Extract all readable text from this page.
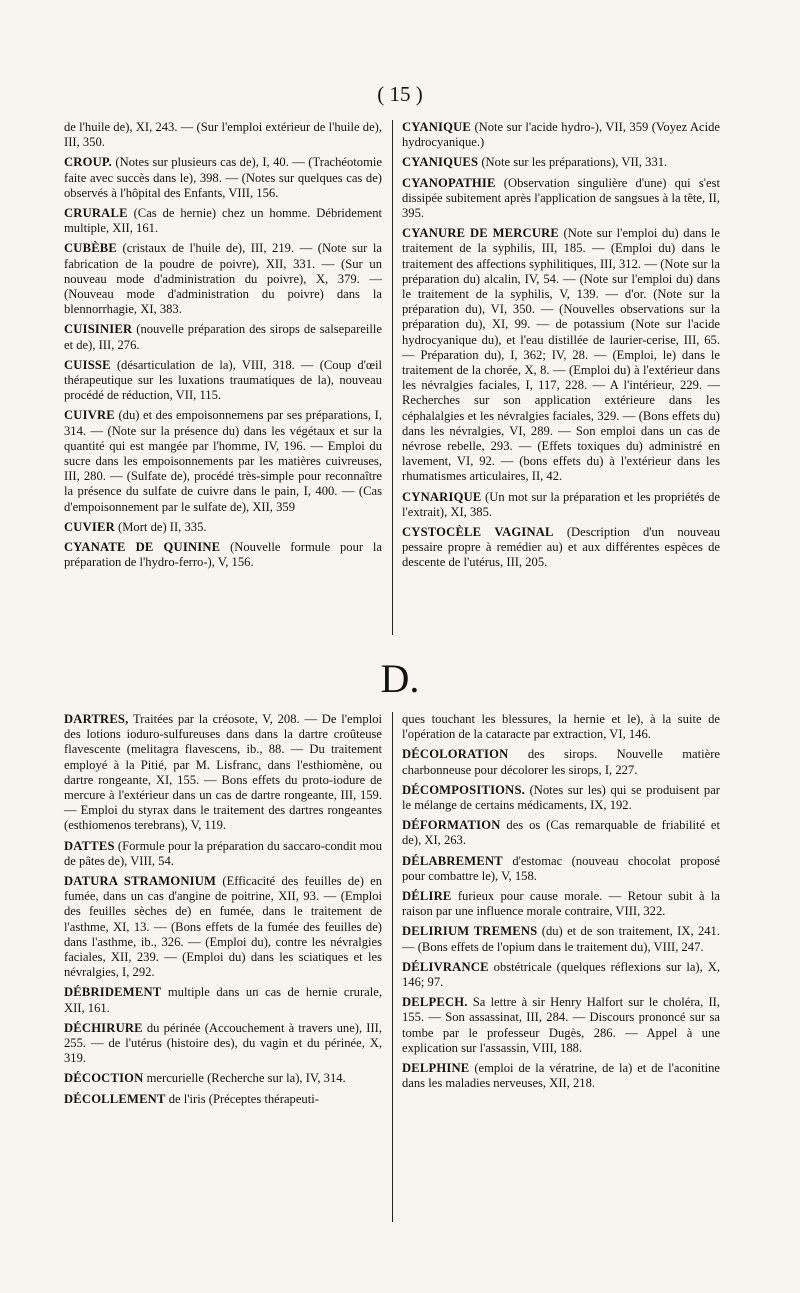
( 15 )

de l'huile de), XI, 243. — (Sur l'emploi extérieur de l'huile de), III, 350.

CROUP. (Notes sur plusieurs cas de), I, 40. — (Trachéotomie faite avec succès dans le), 398. — (Notes sur quelques cas de) observés à l'hôpital des Enfants, VIII, 156.

CRURALE (Cas de hernie) chez un homme. Débridement multiple, XII, 161.

CUBÈBE (cristaux de l'huile de), III, 219. — (Note sur la fabrication de la poudre de poivre), XII, 331. — (Sur un nouveau mode d'administration du poivre), X, 379. — (Nouveau mode d'administration du poivre) dans la blennorrhagie, XI, 383.

CUISINIER (nouvelle préparation des sirops de salsepareille et de), III, 276.

CUISSE (désarticulation de la), VIII, 318. — (Coup d'œil thérapeutique sur les luxations traumatiques de la), nouveau procédé de réduction, VII, 115.

CUIVRE (du) et des empoisonnemens par ses préparations, I, 314. — (Note sur la présence du) dans les végétaux et sur la quantité qui est mangée par l'homme, IV, 196. — Emploi du sucre dans les empoisonnements par les matières cuivreuses, III, 280. — (Sulfate de), procédé très-simple pour reconnaître la présence du sulfate de cuivre dans le pain, I, 400. — (Cas d'empoisonnement par le sulfate de), XII, 359

CUVIER (Mort de) II, 335.

CYANATE DE QUININE (Nouvelle formule pour la préparation de l'hydro-ferro-), V, 156.

CYANIQUE (Note sur l'acide hydro-), VII, 359 (Voyez Acide hydrocyanique.)

CYANIQUES (Note sur les préparations), VII, 331.

CYANOPATHIE (Observation singulière d'une) qui s'est dissipée subitement après l'application de sangsues à la tête, II, 395.

CYANURE DE MERCURE (Note sur l'emploi du) dans le traitement de la syphilis, III, 185. — (Emploi du) dans le traitement des affections syphilitiques, III, 312. — (Note sur la préparation du) alcalin, IV, 54. — (Note sur l'emploi du) dans le traitement de la syphilis, V, 139. — d'or. (Note sur la préparation du), VI, 350. — (Nouvelles observations sur la préparation du), XI, 99. — de potassium (Note sur l'acide hydrocyanique du), et l'eau distillée de laurier-cerise, III, 65. — Préparation du), I, 362; IV, 28. — (Emploi, le) dans le traitement de la chorée, X, 8. — (Emploi du) à l'extérieur dans les névralgies faciales, I, 117, 228. — A l'intérieur, 229. — Recherches sur son application extérieure dans les céphalalgies et les névralgies faciales, 329. — (Bons effets du) dans les névralgies, VI, 289. — Son emploi dans un cas de névrose rebelle, 293. — (Effets toxiques du) administré en lavement, VI, 92. — (bons effets du) à l'extérieur dans les rhumatismes articulaires, II, 42.

CYNARIQUE (Un mot sur la préparation et les propriétés de l'extrait), XI, 385.

CYSTOCÈLE VAGINAL (Description d'un nouveau pessaire propre à remédier au) et aux différentes espèces de descente de l'utérus, III, 205.

D.

DARTRES, Traitées par la créosote, V, 208. — De l'emploi des lotions ioduro-sulfureuses dans dans la dartre croûteuse flavescente (melitagra flavescens, ib., 88. — Du traitement employé à la Pitié, par M. Lisfranc, dans l'esthiomène, ou dartre rongeante, XI, 155. — Bons effets du proto-iodure de mercure à l'extérieur dans un cas de dartre rongeante, III, 159. — Emploi du styrax dans le traitement des dartres rongeantes (esthiomenos terebrans), V, 119.

DATTES (Formule pour la préparation du saccaro-condit mou de pâtes de), VIII, 54.

DATURA STRAMONIUM (Efficacité des feuilles de) en fumée, dans un cas d'angine de poitrine, XII, 93. — (Emploi des feuilles sèches de) en fumée, dans le traitement de l'asthme, XI, 13. — (Bons effets de la fumée des feuilles de) dans l'asthme, ib., 326. — (Emploi du), contre les névralgies faciales, XII, 239. — (Emploi du) dans les sciatiques et les névralgies, I, 292.

DÉBRIDEMENT multiple dans un cas de hernie crurale, XII, 161.

DÉCHIRURE du périnée (Accouchement à travers une), III, 255. — de l'utérus (histoire des), du vagin et du périnée, X, 319.

DÉCOCTION mercurielle (Recherche sur la), IV, 314.

DÉCOLLEMENT de l'iris (Préceptes thérapeuti-

ques touchant les blessures, la hernie et le), à la suite de l'opération de la cataracte par extraction, VI, 146.

DÉCOLORATION des sirops. Nouvelle matière charbonneuse pour décolorer les sirops, I, 227.

DÉCOMPOSITIONS. (Notes sur les) qui se produisent par le mélange de certains médicaments, IX, 192.

DÉFORMATION des os (Cas remarquable de friabilité et de), XI, 263.

DÉLABREMENT d'estomac (nouveau chocolat proposé pour combattre le), V, 158.

DÉLIRE furieux pour cause morale. — Retour subit à la raison par une influence morale contraire, VIII, 322.

DELIRIUM TREMENS (du) et de son traitement, IX, 241. — (Bons effets de l'opium dans le traitement du), VIII, 247.

DÉLIVRANCE obstétricale (quelques réflexions sur la), X, 146; 97.

DELPECH. Sa lettre à sir Henry Halfort sur le choléra, II, 155. — Son assassinat, III, 284. — Discours prononcé sur sa tombe par le professeur Dugès, 286. — Appel à une explication sur l'assassin, VIII, 188.

DELPHINE (emploi de la vératrine, de la) et de l'aconitine dans les maladies nerveuses, XII, 218.
